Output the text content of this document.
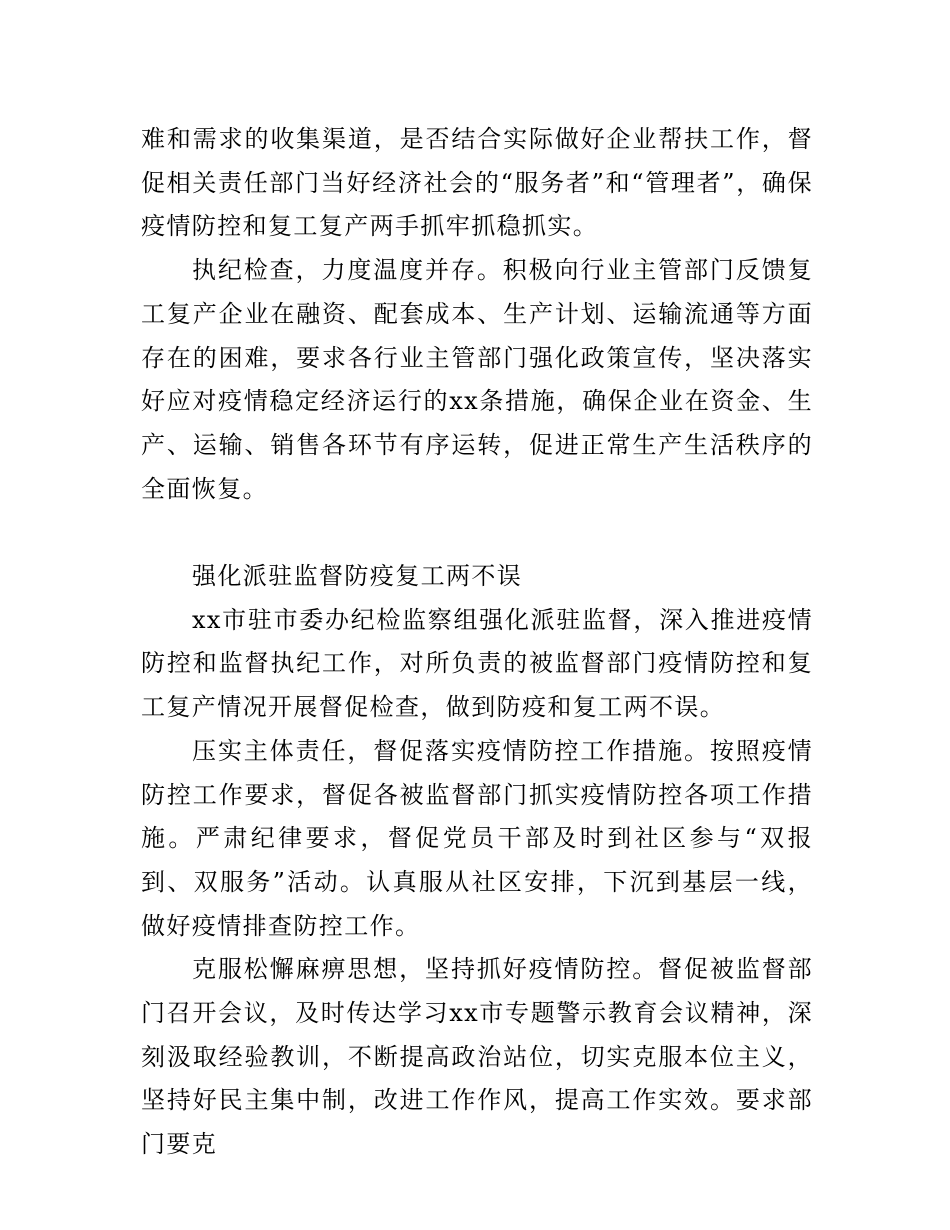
难和需求的收集渠道，是否结合实际做好企业帮扶工作，督促相关责任部门当好经济社会的“服务者”和“管理者”，确保疫情防控和复工复产两手抓牢抓稳抓实。

执纪检查，力度温度并存。积极向行业主管部门反馈复工复产企业在融资、配套成本、生产计划、运输流通等方面存在的困难，要求各行业主管部门强化政策宣传，坚决落实好应对疫情稳定经济运行的xx条措施，确保企业在资金、生产、运输、销售各环节有序运转，促进正常生产生活秩序的全面恢复。

强化派驻监督防疫复工两不误

xx市驻市委办纪检监察组强化派驻监督，深入推进疫情防控和监督执纪工作，对所负责的被监督部门疫情防控和复工复产情况开展督促检查，做到防疫和复工两不误。

压实主体责任，督促落实疫情防控工作措施。按照疫情防控工作要求，督促各被监督部门抓实疫情防控各项工作措施。严肃纪律要求，督促党员干部及时到社区参与“双报到、双服务”活动。认真服从社区安排，下沉到基层一线，做好疫情排查防控工作。

克服松懈麻痹思想，坚持抓好疫情防控。督促被监督部门召开会议，及时传达学习xx市专题警示教育会议精神，深刻汲取经验教训，不断提高政治站位，切实克服本位主义，坚持好民主集中制，改进工作作风，提高工作实效。要求部门要克
